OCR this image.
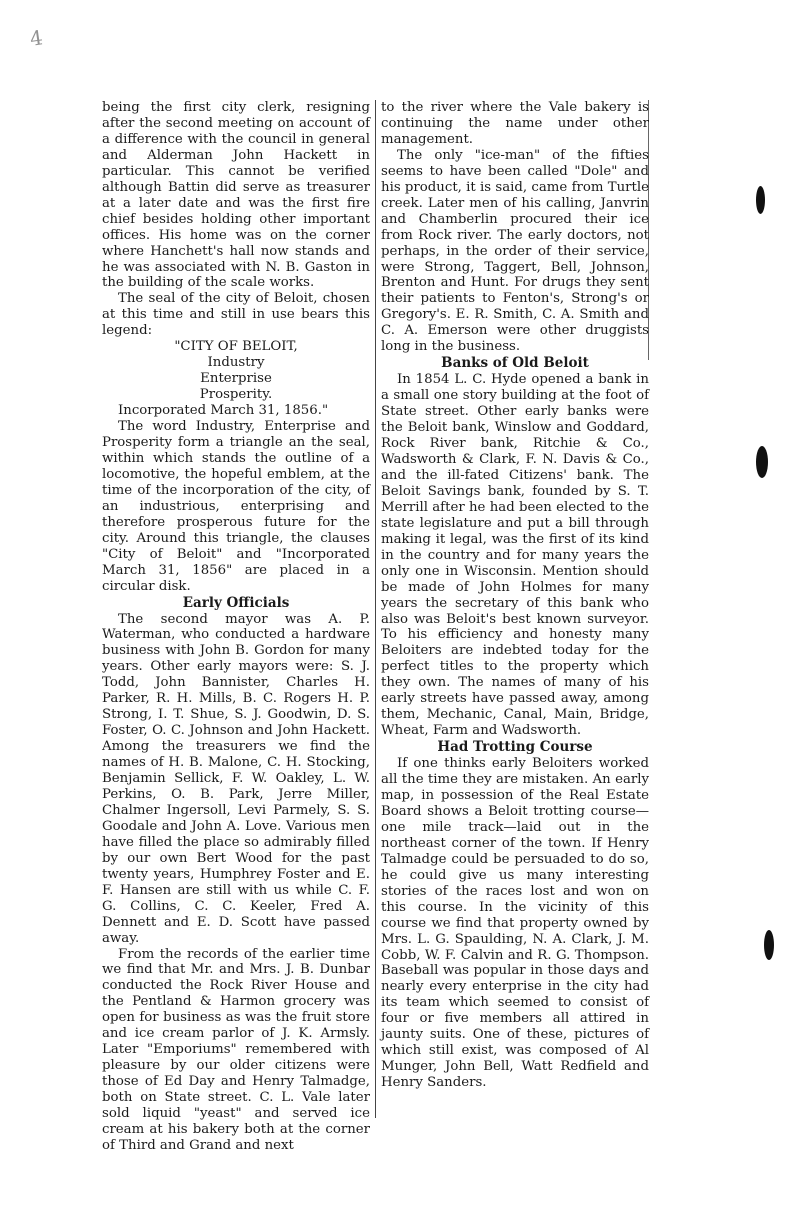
4

being the first city clerk, resigning after the second meeting on account of a difference with the council in general and Alderman John Hackett in particular. This cannot be verified although Battin did serve as treasurer at a later date and was the first fire chief besides holding other important offices. His home was on the corner where Hanchett's hall now stands and he was associated with N. B. Gaston in the building of the scale works.

The seal of the city of Beloit, chosen at this time and still in use bears this legend:

"CITY OF BELOIT,

Industry

Enterprise

Prosperity.

Incorporated March 31, 1856."

The word Industry, Enterprise and Prosperity form a triangle an the seal, within which stands the outline of a locomotive, the hopeful emblem, at the time of the incorporation of the city, of an industrious, enterprising and therefore prosperous future for the city. Around this triangle, the clauses "City of Beloit" and "Incorporated March 31, 1856" are placed in a circular disk.

Early Officials

The second mayor was A. P. Waterman, who conducted a hardware business with John B. Gordon for many years. Other early mayors were: S. J. Todd, John Bannister, Charles H. Parker, R. H. Mills, B. C. Rogers H. P. Strong, I. T. Shue, S. J. Goodwin, D. S. Foster, O. C. Johnson and John Hackett. Among the treasurers we find the names of H. B. Malone, C. H. Stocking, Benjamin Sellick, F. W. Oakley, L. W. Perkins, O. B. Park, Jerre Miller, Chalmer Ingersoll, Levi Parmely, S. S. Goodale and John A. Love. Various men have filled the place so admirably filled by our own Bert Wood for the past twenty years, Humphrey Foster and E. F. Hansen are still with us while C. F. G. Collins, C. C. Keeler, Fred A. Dennett and E. D. Scott have passed away.

From the records of the earlier time we find that Mr. and Mrs. J. B. Dunbar conducted the Rock River House and the Pentland & Harmon grocery was open for business as was the fruit store and ice cream parlor of J. K. Armsly. Later "Emporiums" remembered with pleasure by our older citizens were those of Ed Day and Henry Talmadge, both on State street. C. L. Vale later sold liquid "yeast" and served ice cream at his bakery both at the corner of Third and Grand and next

to the river where the Vale bakery is continuing the name under other management.

The only "ice-man" of the fifties seems to have been called "Dole" and his product, it is said, came from Turtle creek. Later men of his calling, Janvrin and Chamberlin procured their ice from Rock river. The early doctors, not perhaps, in the order of their service, were Strong, Taggert, Bell, Johnson, Brenton and Hunt. For drugs they sent their patients to Fenton's, Strong's or Gregory's. E. R. Smith, C. A. Smith and C. A. Emerson were other druggists long in the business.

Banks of Old Beloit

In 1854 L. C. Hyde opened a bank in a small one story building at the foot of State street. Other early banks were the Beloit bank, Winslow and Goddard, Rock River bank, Ritchie & Co., Wadsworth & Clark, F. N. Davis & Co., and the ill-fated Citizens' bank. The Beloit Savings bank, founded by S. T. Merrill after he had been elected to the state legislature and put a bill through making it legal, was the first of its kind in the country and for many years the only one in Wisconsin. Mention should be made of John Holmes for many years the secretary of this bank who also was Beloit's best known surveyor. To his efficiency and honesty many Beloiters are indebted today for the perfect titles to the property which they own. The names of many of his early streets have passed away, among them, Mechanic, Canal, Main, Bridge, Wheat, Farm and Wadsworth.

Had Trotting Course

If one thinks early Beloiters worked all the time they are mistaken. An early map, in possession of the Real Estate Board shows a Beloit trotting course—one mile track—laid out in the northeast corner of the town. If Henry Talmadge could be persuaded to do so, he could give us many interesting stories of the races lost and won on this course. In the vicinity of this course we find that property owned by Mrs. L. G. Spaulding, N. A. Clark, J. M. Cobb, W. F. Calvin and R. G. Thompson. Baseball was popular in those days and nearly every enterprise in the city had its team which seemed to consist of four or five members all attired in jaunty suits. One of these, pictures of which still exist, was composed of Al Munger, John Bell, Watt Redfield and Henry Sanders.
